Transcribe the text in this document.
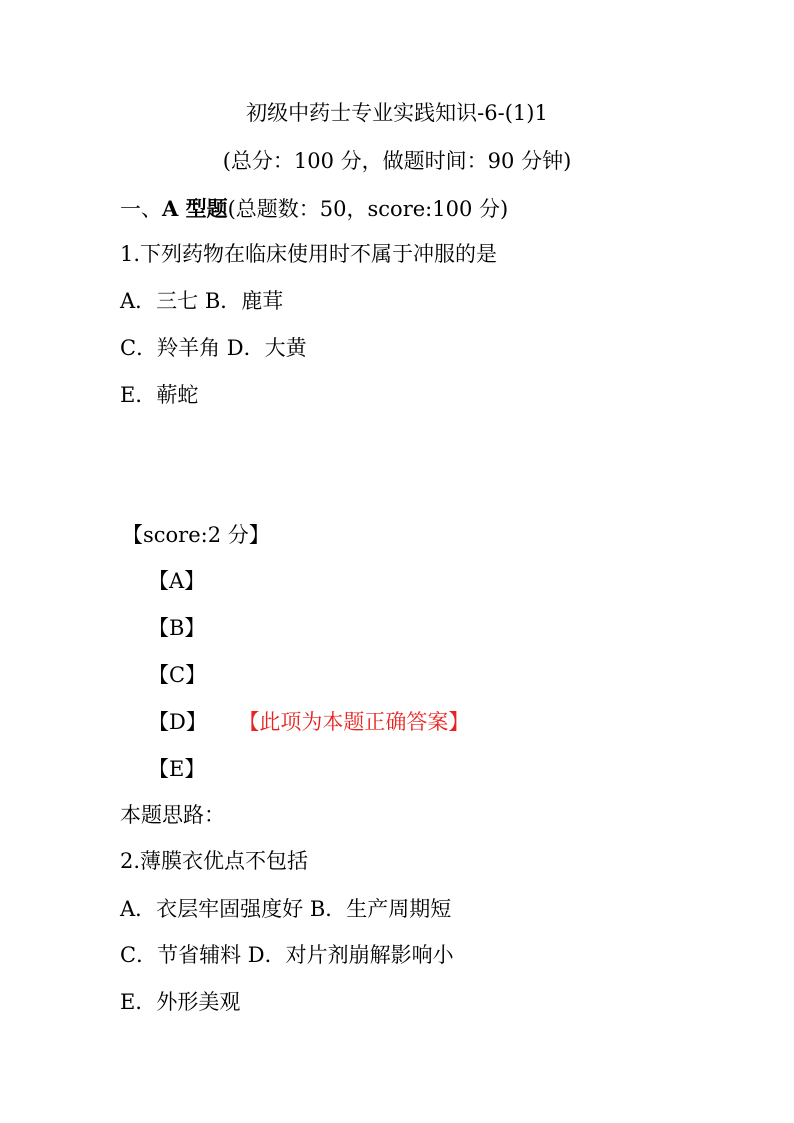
初级中药士专业实践知识-6-(1)1
(总分：100 分，做题时间：90 分钟)
一、A 型题(总题数：50，score:100 分)
1.下列药物在临床使用时不属于冲服的是
A．三七 B．鹿茸
C．羚羊角 D．大黄
E．蕲蛇
【score:2 分】
【A】
【B】
【C】
【D】 【此项为本题正确答案】
【E】
本题思路：
2.薄膜衣优点不包括
A．衣层牢固强度好 B．生产周期短
C．节省辅料 D．对片剂崩解影响小
E．外形美观
